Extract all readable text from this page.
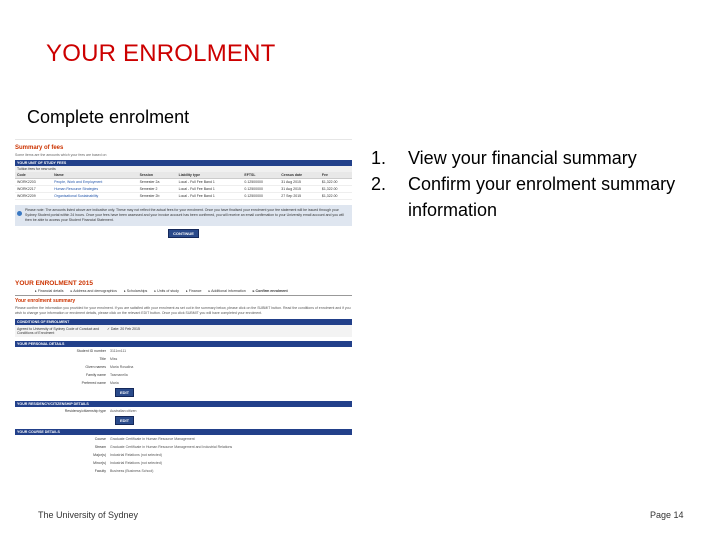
YOUR ENROLMENT
Complete enrolment
Summary of fees
Some items are the amounts which your fees are based on
YOUR UNIT OF STUDY FEES
Tuition fees for new units
Code	Name	Session	Liability type	EFTSL	Census date	Fee
WORK2203	People, Work and Employment	Semester 2a	Local - Full Fee Band 1	0.12500000	31 Aug 2015	$1,322.00
WORK2217	Human Resource Strategies	Semester 2	Local - Full Fee Band 1	0.12500000	31 Aug 2015	$1,322.00
WORK2209	Organisational Sustainability	Semester 2b	Local - Full Fee Band 1	0.12500000	27 Sep 2015	$1,322.00
Please note: The amounts listed above are indicative only. These may not reflect the actual fees for your enrolment. Once you have finalised your enrolment your fee statement will be issued through your Sydney Student portal within 24 hours. Once your fees have been assessed and your invoice account has been confirmed, you will receive an email confirmation to your University email account and you will then be able to access your Student Financial Statement.
CONTINUE
YOUR ENROLMENT 2015
▸ Financial details ▸ Address and demographics ▸ Scholarships ▸ Units of study ▸ Finance ▸ Additional information ▸ Confirm enrolment
Your enrolment summary
Please confirm the information you provided for your enrolment. If you are satisfied with your enrolment as set out in the summary below, please click on the SUBMIT button. Read the conditions of enrolment and if you wish to change your information or enrolment details, please click on the relevant EDIT button. Once you click SUBMIT you will have completed your enrolment.
CONDITIONS OF ENROLMENT
Agreed to University of Sydney Code of Conduct and Conditions of Enrolment
✓ Date: 20 Feb 2015
YOUR PERSONAL DETAILS
Student ID number	3111xx111
Title	Miss
Given names	Maria Rosalina
Family name	Tasmanella
Preferred name	Maria
EDIT
YOUR RESIDENCY/CITIZENSHIP DETAILS
Residency/citizenship type	Australian citizen
EDIT
YOUR COURSE DETAILS
Course	Graduate Certificate in Human Resource Management
Stream	Graduate Certificate in Human Resource Management and Industrial Relations
Major(s)	Industrial Relations (not selected)
Minor(s)	Industrial Relations (not selected)
Faculty	Business (Business School)
1.	View your financial summary
2.	Confirm your enrolment summary information
The University of Sydney	Page 14
